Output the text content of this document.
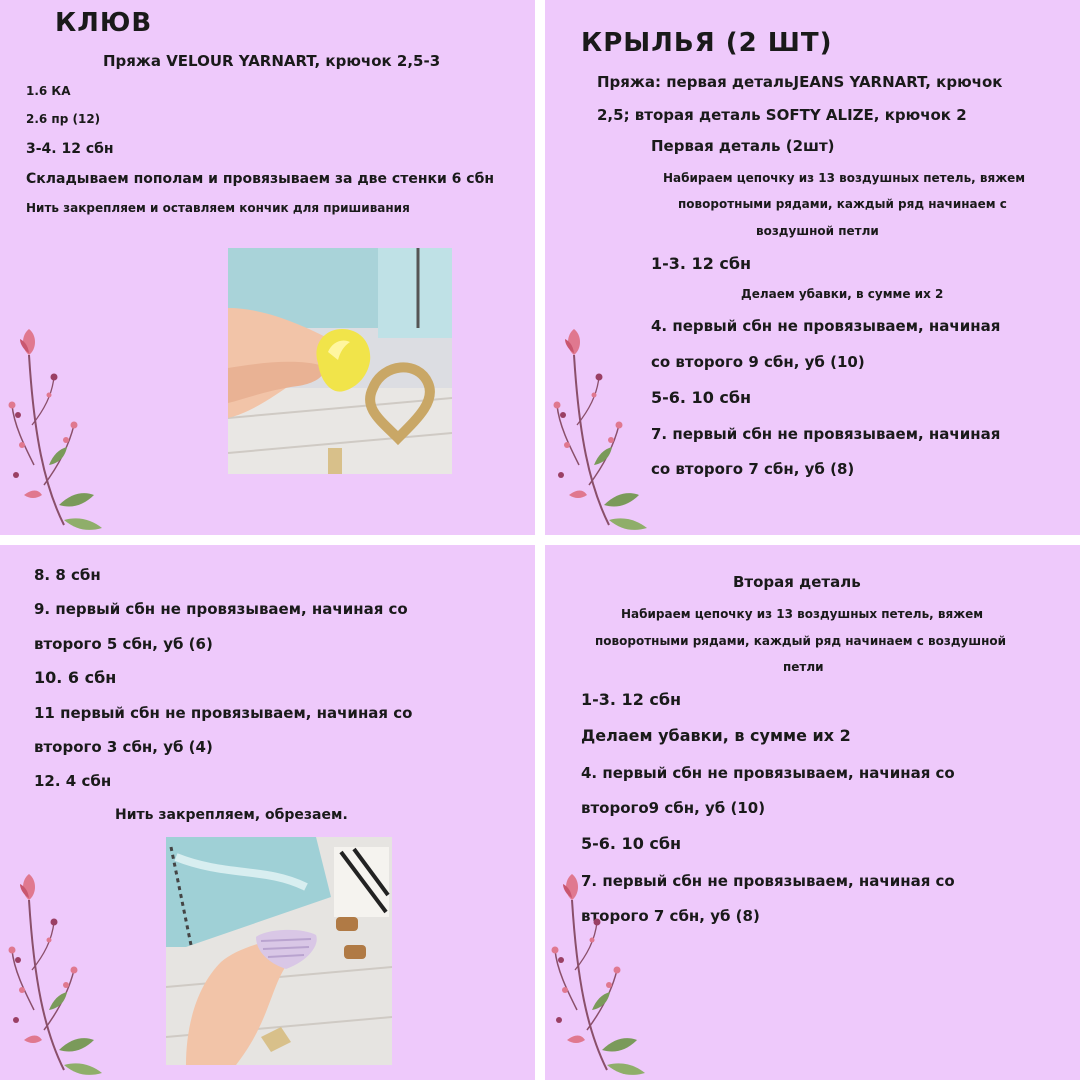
КЛЮВ
Пряжа VELOUR YARNART, крючок 2,5-3
1.6 КА
2.6 пр (12)
3-4. 12 сбн
Складываем пополам и провязываем за две стенки 6 сбн
Нить закрепляем и оставляем кончик для пришивания
КРЫЛЬЯ (2 ШТ)
Пряжа: первая детальJEANS YARNART, крючок
2,5; вторая деталь SOFTY ALIZE, крючок 2
Первая деталь (2шт)
Набираем цепочку из 13 воздушных петель, вяжем
поворотными рядами, каждый ряд начинаем с
воздушной петли
1-3. 12 сбн
Делаем убавки, в сумме их 2
4. первый сбн не провязываем, начиная
со второго 9 сбн, уб (10)
5-6. 10 сбн
7. первый сбн не провязываем, начиная
со второго 7 сбн, уб (8)
8. 8 сбн
9. первый сбн не провязываем, начиная со
второго 5 сбн, уб (6)
10. 6 сбн
11 первый сбн не провязываем, начиная со
второго 3 сбн, уб (4)
12. 4 сбн
Нить закрепляем, обрезаем.
Вторая деталь
Набираем цепочку из 13 воздушных петель, вяжем
поворотными рядами, каждый ряд начинаем с воздушной
петли
1-3. 12 сбн
Делаем убавки, в сумме их 2
4. первый сбн не провязываем, начиная со
второго9 сбн, уб (10)
5-6. 10 сбн
7. первый сбн не провязываем, начиная со
второго 7 сбн, уб (8)
